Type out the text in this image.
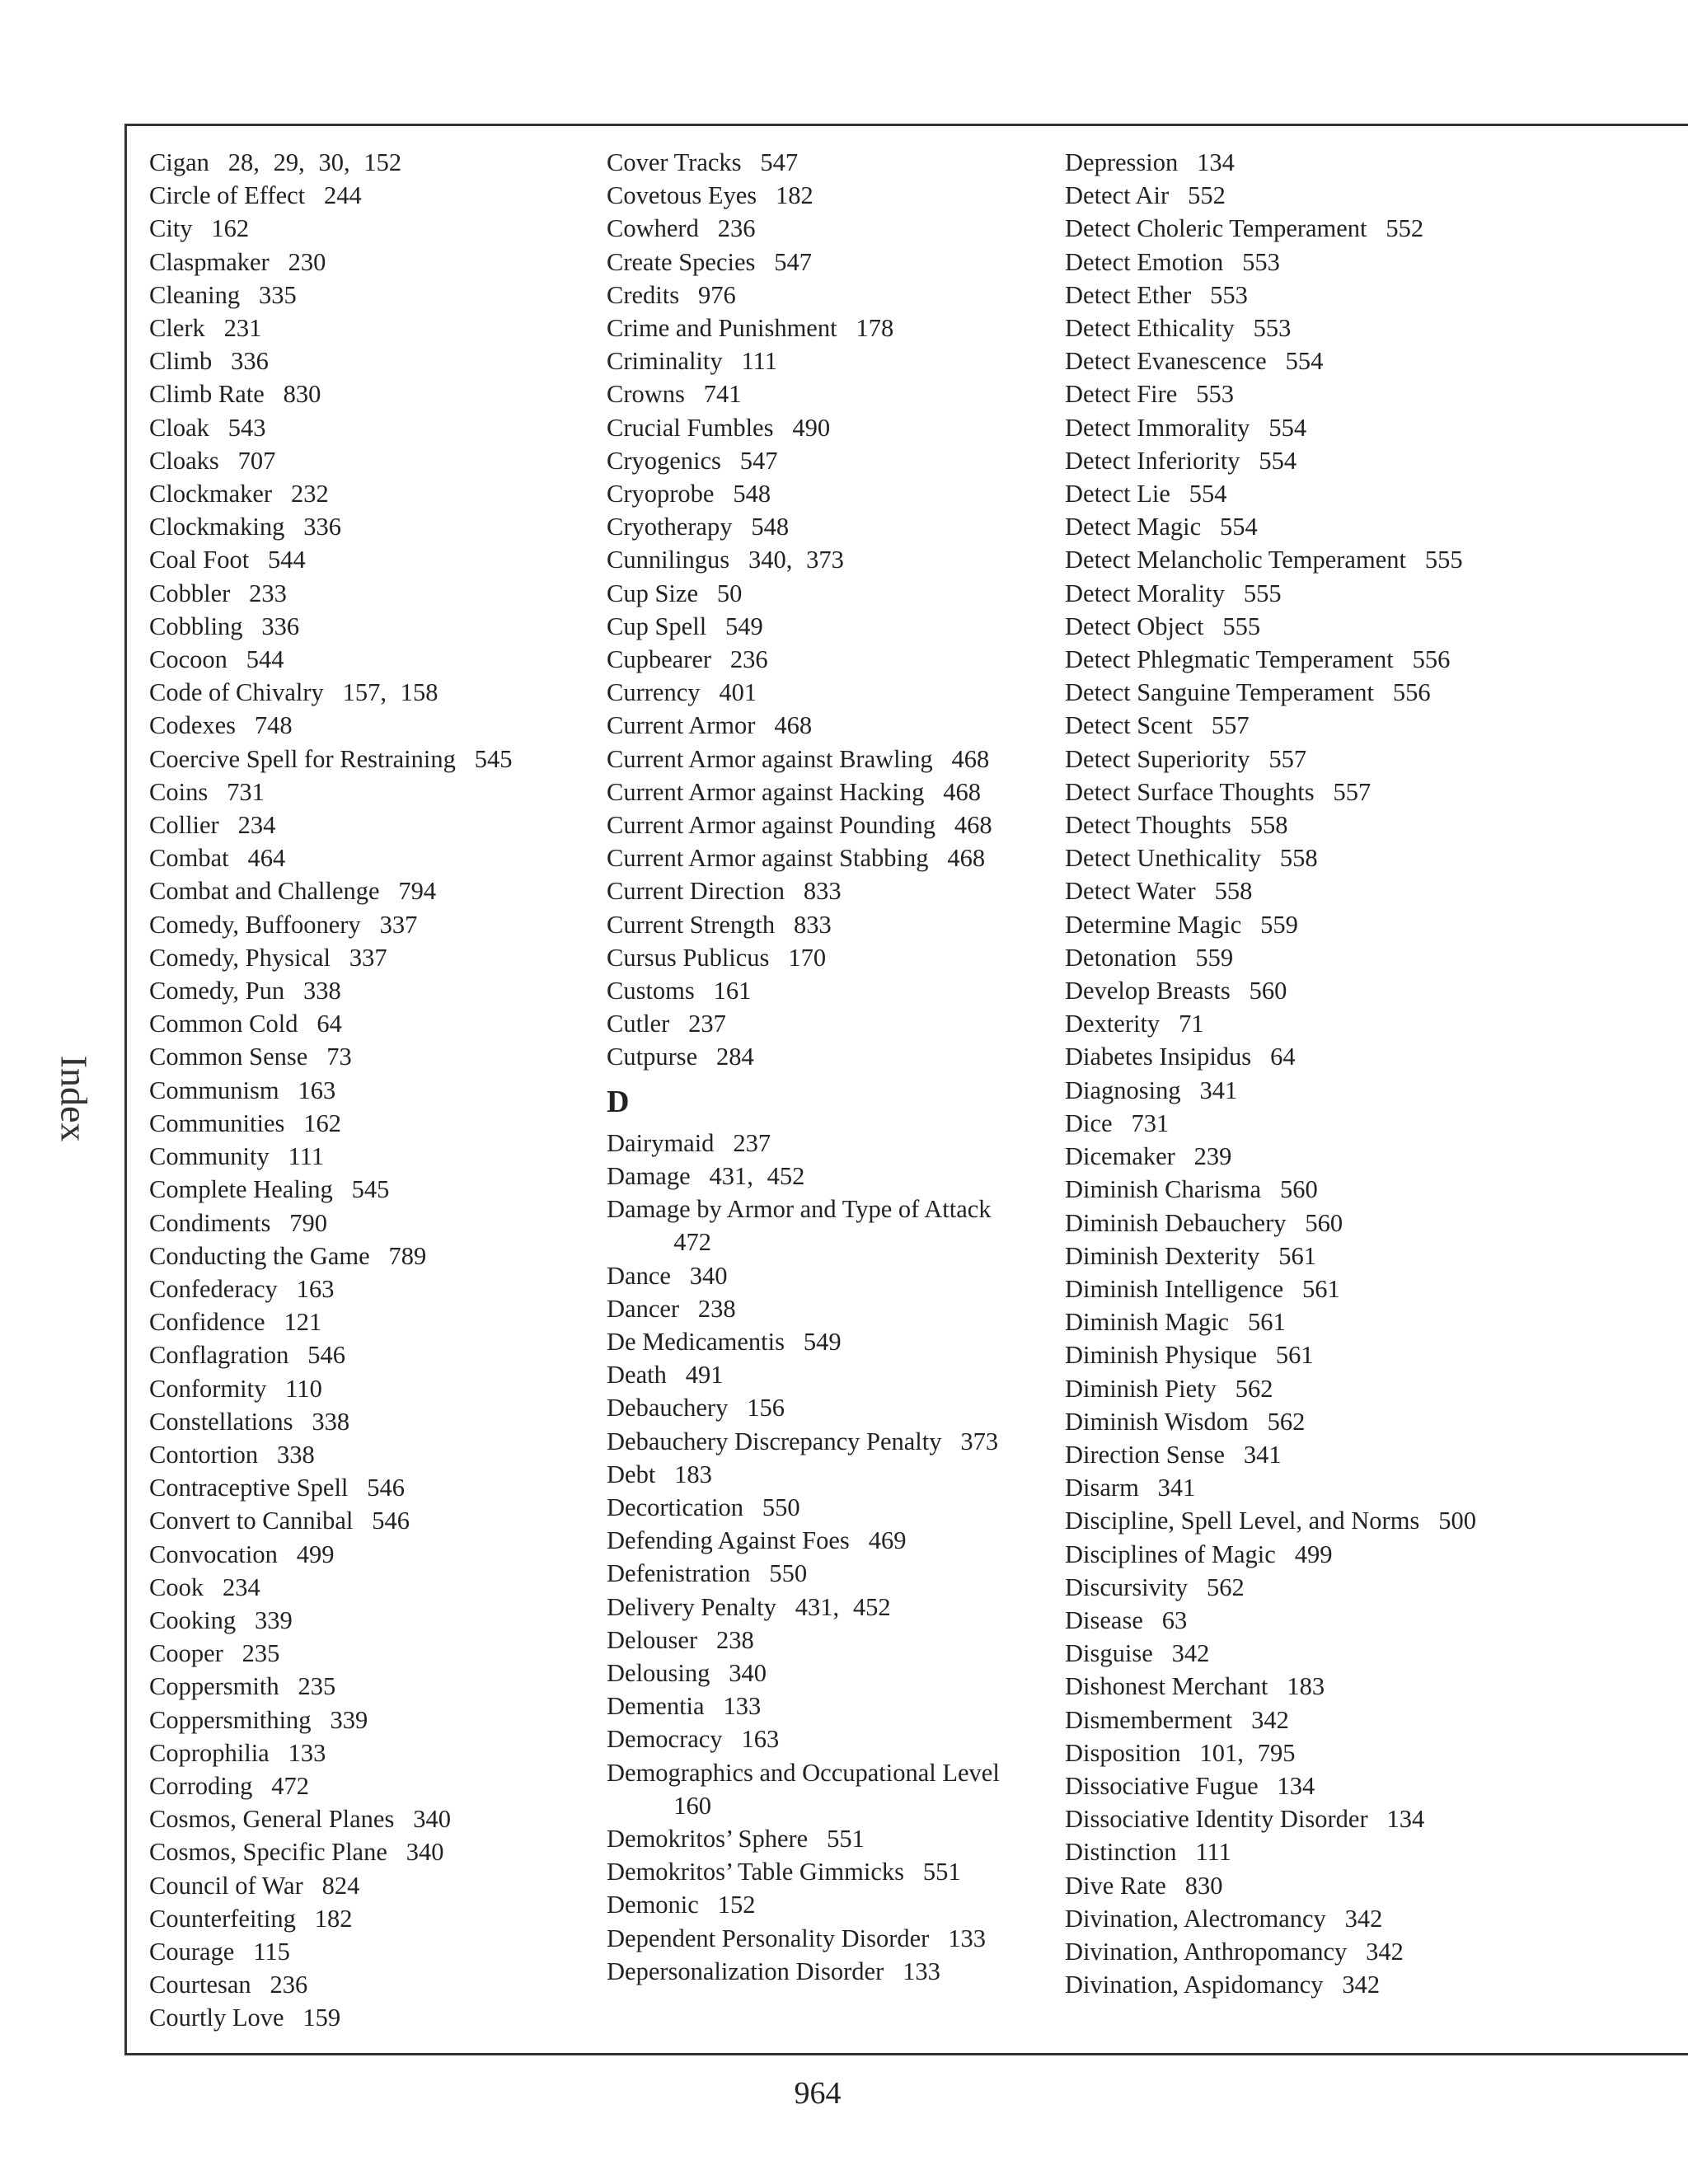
Index
Cigan 28, 29, 30, 152
Circle of Effect 244
City 162
Claspmaker 230
Cleaning 335
Clerk 231
Climb 336
Climb Rate 830
Cloak 543
Cloaks 707
Clockmaker 232
Clockmaking 336
Coal Foot 544
Cobbler 233
Cobbling 336
Cocoon 544
Code of Chivalry 157, 158
Codexes 748
Coercive Spell for Restraining 545
Coins 731
Collier 234
Combat 464
Combat and Challenge 794
Comedy, Buffoonery 337
Comedy, Physical 337
Comedy, Pun 338
Common Cold 64
Common Sense 73
Communism 163
Communities 162
Community 111
Complete Healing 545
Condiments 790
Conducting the Game 789
Confederacy 163
Confidence 121
Conflagration 546
Conformity 110
Constellations 338
Contortion 338
Contraceptive Spell 546
Convert to Cannibal 546
Convocation 499
Cook 234
Cooking 339
Cooper 235
Coppersmith 235
Coppersmithing 339
Coprophilia 133
Corroding 472
Cosmos, General Planes 340
Cosmos, Specific Plane 340
Council of War 824
Counterfeiting 182
Courage 115
Courtesan 236
Courtly Love 159
Cover Tracks 547
Covetous Eyes 182
Cowherd 236
Create Species 547
Credits 976
Crime and Punishment 178
Criminality 111
Crowns 741
Crucial Fumbles 490
Cryogenics 547
Cryoprobe 548
Cryotherapy 548
Cunnilingus 340, 373
Cup Size 50
Cup Spell 549
Cupbearer 236
Currency 401
Current Armor 468
Current Armor against Brawling 468
Current Armor against Hacking 468
Current Armor against Pounding 468
Current Armor against Stabbing 468
Current Direction 833
Current Strength 833
Cursus Publicus 170
Customs 161
Cutler 237
Cutpurse 284
D
Dairymaid 237
Damage 431, 452
Damage by Armor and Type of Attack 472
Dance 340
Dancer 238
De Medicamentis 549
Death 491
Debauchery 156
Debauchery Discrepancy Penalty 373
Debt 183
Decortication 550
Defending Against Foes 469
Defenistration 550
Delivery Penalty 431, 452
Delouser 238
Delousing 340
Dementia 133
Democracy 163
Demographics and Occupational Level 160
Demokritos’ Sphere 551
Demokritos’ Table Gimmicks 551
Demonic 152
Dependent Personality Disorder 133
Depersonalization Disorder 133
Depression 134
Detect Air 552
Detect Choleric Temperament 552
Detect Emotion 553
Detect Ether 553
Detect Ethicality 553
Detect Evanescence 554
Detect Fire 553
Detect Immorality 554
Detect Inferiority 554
Detect Lie 554
Detect Magic 554
Detect Melancholic Temperament 555
Detect Morality 555
Detect Object 555
Detect Phlegmatic Temperament 556
Detect Sanguine Temperament 556
Detect Scent 557
Detect Superiority 557
Detect Surface Thoughts 557
Detect Thoughts 558
Detect Unethicality 558
Detect Water 558
Determine Magic 559
Detonation 559
Develop Breasts 560
Dexterity 71
Diabetes Insipidus 64
Diagnosing 341
Dice 731
Dicemaker 239
Diminish Charisma 560
Diminish Debauchery 560
Diminish Dexterity 561
Diminish Intelligence 561
Diminish Magic 561
Diminish Physique 561
Diminish Piety 562
Diminish Wisdom 562
Direction Sense 341
Disarm 341
Discipline, Spell Level, and Norms 500
Disciplines of Magic 499
Discursivity 562
Disease 63
Disguise 342
Dishonest Merchant 183
Dismemberment 342
Disposition 101, 795
Dissociative Fugue 134
Dissociative Identity Disorder 134
Distinction 111
Dive Rate 830
Divination, Alectromancy 342
Divination, Anthropomancy 342
Divination, Aspidomancy 342
964
